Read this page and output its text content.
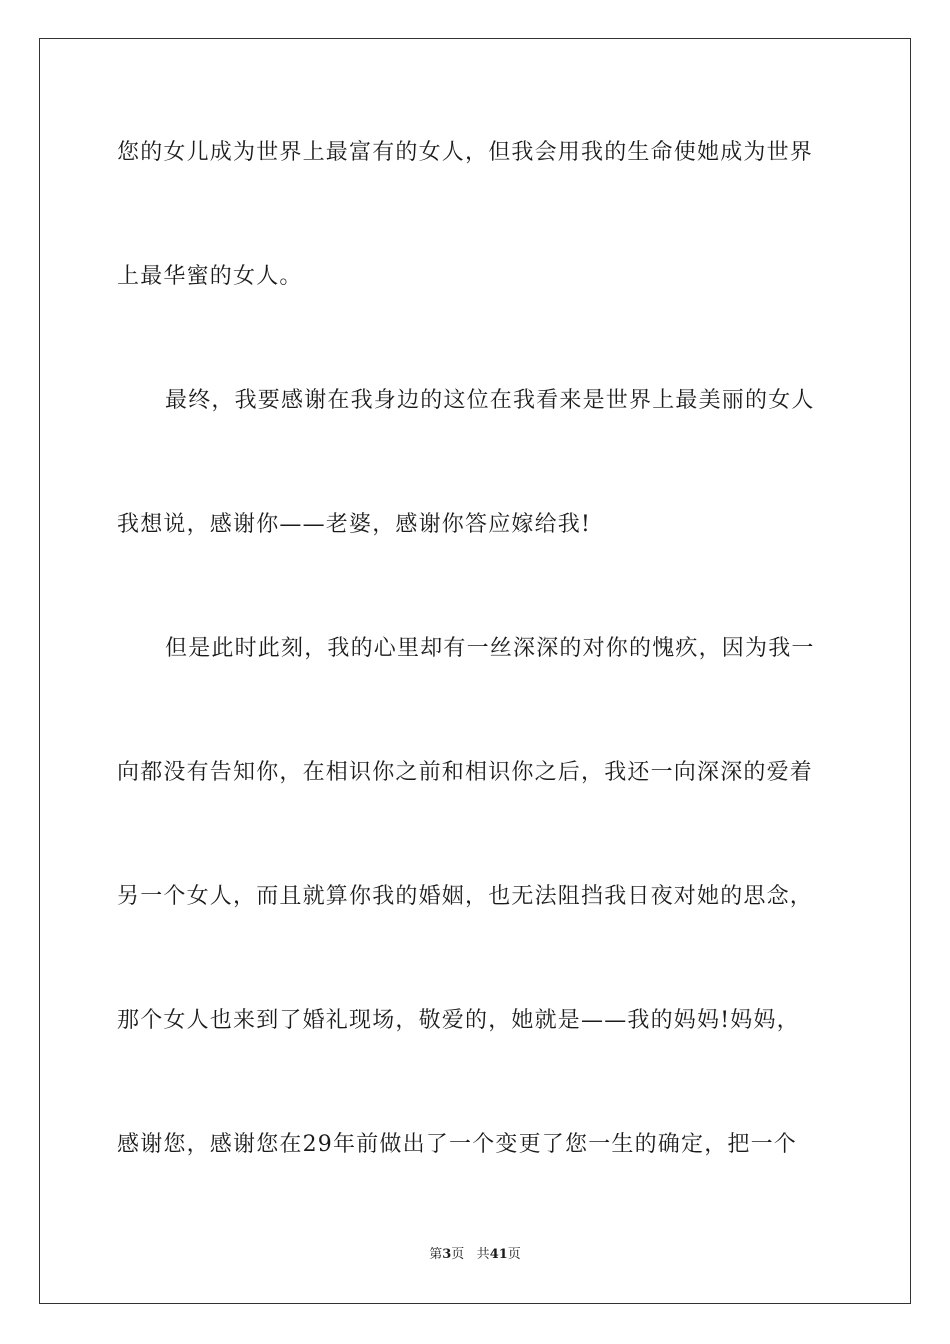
您的女儿成为世界上最富有的女人，但我会用我的生命使她成为世界
上最华蜜的女人。
最终，我要感谢在我身边的这位在我看来是世界上最美丽的女人
我想说，感谢你——老婆，感谢你答应嫁给我!
但是此时此刻，我的心里却有一丝深深的对你的愧疚，因为我一
向都没有告知你，在相识你之前和相识你之后，我还一向深深的爱着
另一个女人，而且就算你我的婚姻，也无法阻挡我日夜对她的思念，
那个女人也来到了婚礼现场，敬爱的，她就是——我的妈妈!妈妈，
感谢您，感谢您在29年前做出了一个变更了您一生的确定，把一个
第3页 共41页
